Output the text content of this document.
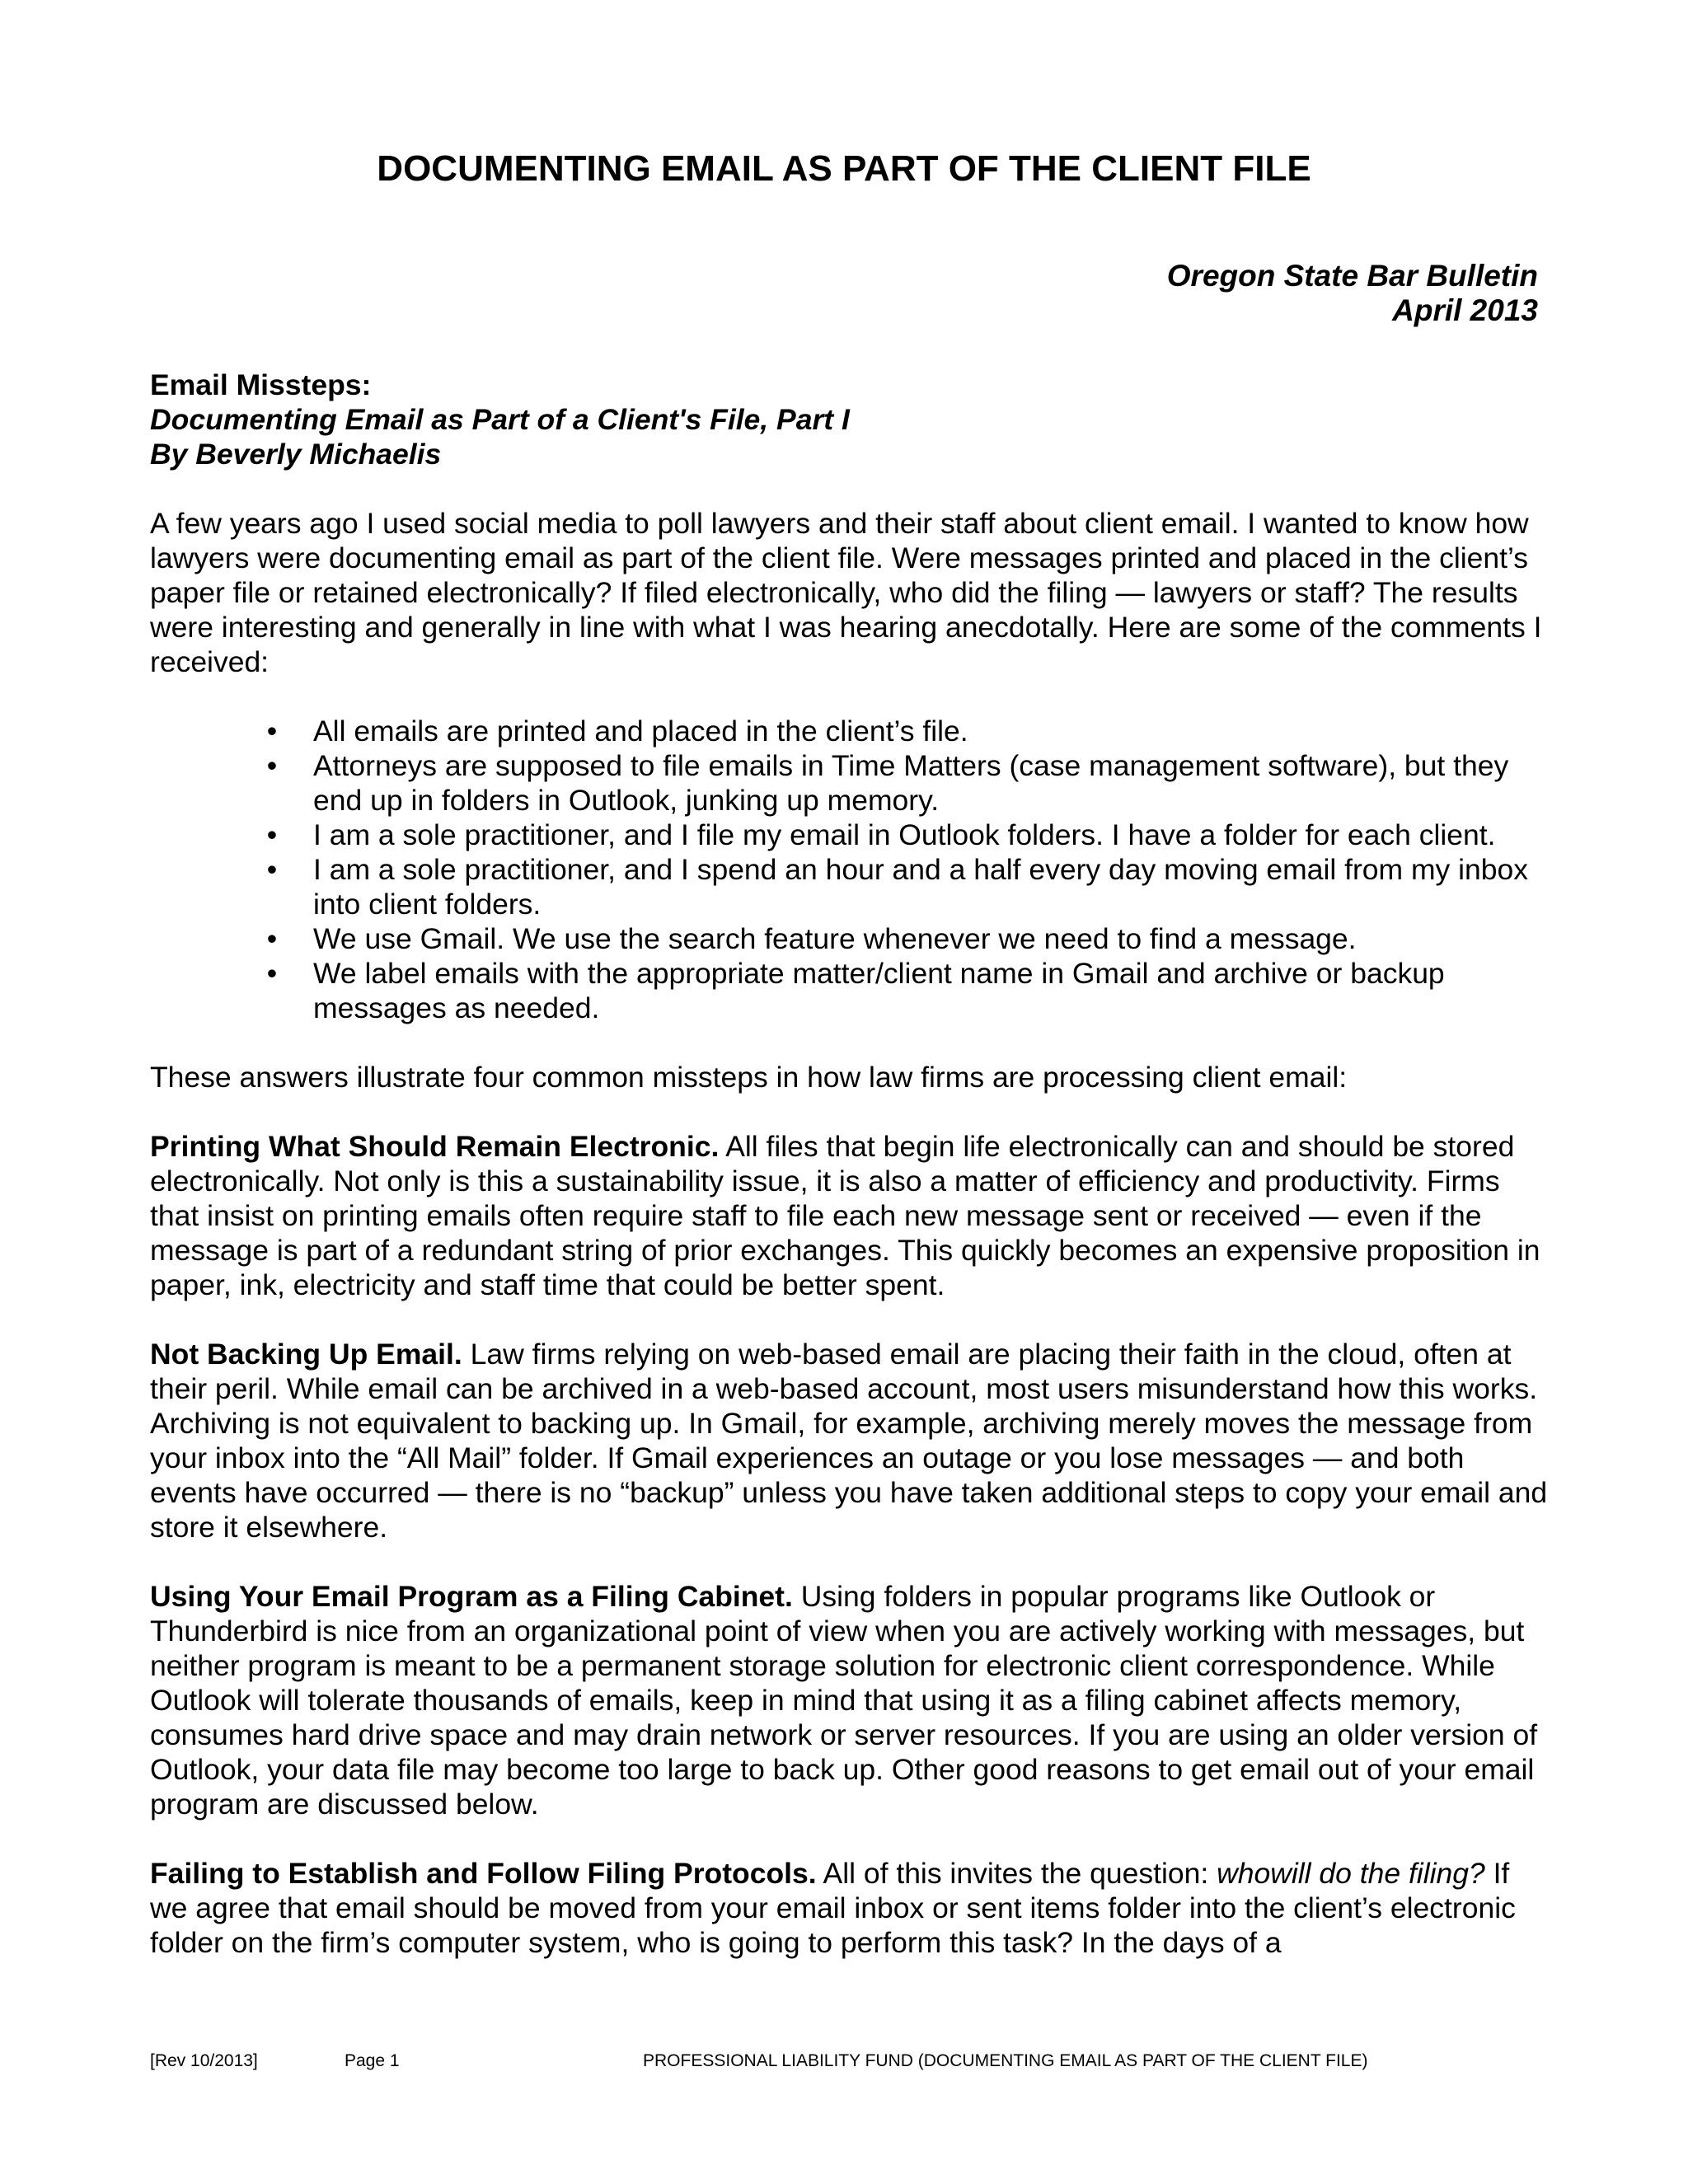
DOCUMENTING EMAIL AS PART OF THE CLIENT FILE
Oregon State Bar Bulletin
April 2013

Email Missteps:

Documenting Email as Part of a Client's File, Part I

By Beverly Michaelis

A few years ago I used social media to poll lawyers and their staff about client email. I wanted to know how lawyers were documenting email as part of the client file. Were messages printed and placed in the client’s paper file or retained electronically? If filed electronically, who did the filing — lawyers or staff? The results were interesting and generally in line with what I was hearing anecdotally. Here are some of the comments I received:

• All emails are printed and placed in the client’s file.
• Attorneys are supposed to file emails in Time Matters (case management software), but they end up in folders in Outlook, junking up memory.
• I am a sole practitioner, and I file my email in Outlook folders. I have a folder for each client.
• I am a sole practitioner, and I spend an hour and a half every day moving email from my inbox into client folders.
• We use Gmail. We use the search feature whenever we need to find a message.
• We label emails with the appropriate matter/client name in Gmail and archive or backup messages as needed.

These answers illustrate four common missteps in how law firms are processing client email:

Printing What Should Remain Electronic. All files that begin life electronically can and should be stored electronically. Not only is this a sustainability issue, it is also a matter of efficiency and productivity. Firms that insist on printing emails often require staff to file each new message sent or received — even if the message is part of a redundant string of prior exchanges. This quickly becomes an expensive proposition in paper, ink, electricity and staff time that could be better spent.

Not Backing Up Email. Law firms relying on web-based email are placing their faith in the cloud, often at their peril. While email can be archived in a web-based account, most users misunderstand how this works. Archiving is not equivalent to backing up. In Gmail, for example, archiving merely moves the message from your inbox into the “All Mail” folder. If Gmail experiences an outage or you lose messages — and both events have occurred — there is no “backup” unless you have taken additional steps to copy your email and store it elsewhere.

Using Your Email Program as a Filing Cabinet. Using folders in popular programs like Outlook or Thunderbird is nice from an organizational point of view when you are actively working with messages, but neither program is meant to be a permanent storage solution for electronic client correspondence. While Outlook will tolerate thousands of emails, keep in mind that using it as a filing cabinet affects memory, consumes hard drive space and may drain network or server resources. If you are using an older version of Outlook, your data file may become too large to back up. Other good reasons to get email out of your email program are discussed below.

Failing to Establish and Follow Filing Protocols. All of this invites the question: whowill do the filing? If we agree that email should be moved from your email inbox or sent items folder into the client’s electronic folder on the firm’s computer system, who is going to perform this task? In the days of a

[Rev 10/2013]	Page 1	PROFESSIONAL LIABILITY FUND (DOCUMENTING EMAIL AS PART OF THE CLIENT FILE)
